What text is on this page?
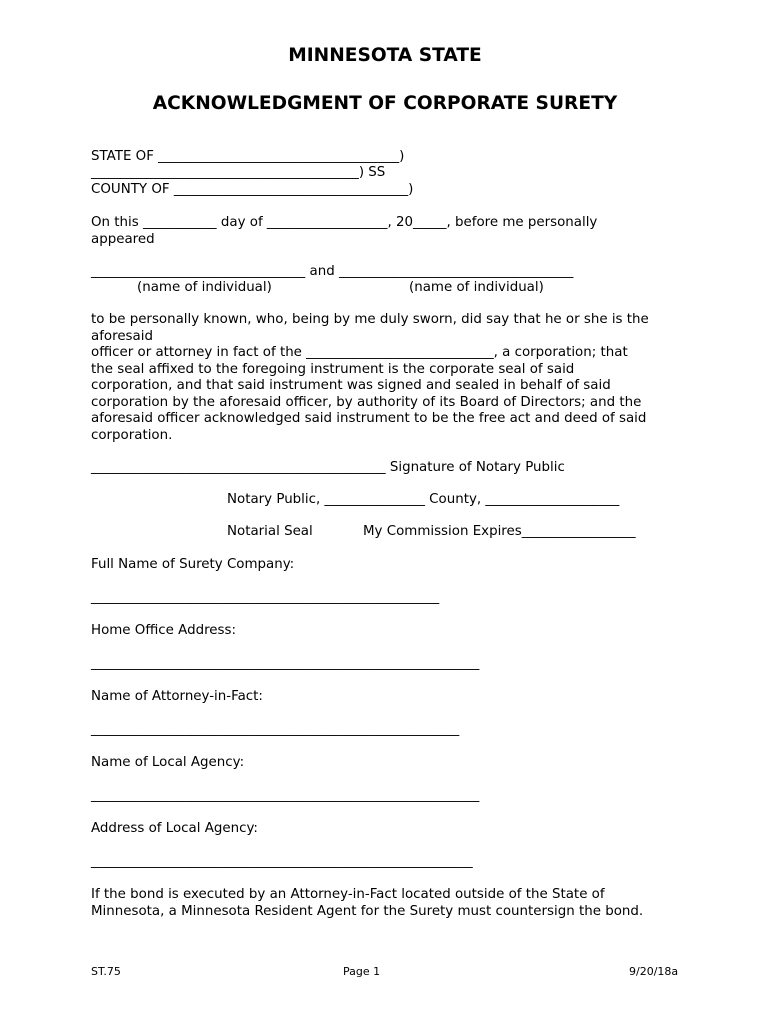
MINNESOTA STATE
ACKNOWLEDGMENT OF CORPORATE SURETY
STATE OF ____________________________________)
________________________________________) SS
COUNTY OF ___________________________________)
On this ___________ day of __________________, 20_____, before me personally
appeared
________________________________ and ___________________________________
(name of individual)	(name of individual)
to be personally known, who, being by me duly sworn, did say that he or she is the
aforesaid
officer or attorney in fact of the ____________________________, a corporation; that
the seal affixed to the foregoing instrument is the corporate seal of said
corporation, and that said instrument was signed and sealed in behalf of said
corporation by the aforesaid officer, by authority of its Board of Directors; and the
aforesaid officer acknowledged said instrument to be the free act and deed of said
corporation.
____________________________________________ Signature of Notary Public
Notary Public, _______________ County, ____________________
Notarial Seal	My Commission Expires_________________
Full Name of Surety Company:
____________________________________________________
Home Office Address:
__________________________________________________________
Name of Attorney-in-Fact:
_______________________________________________________
Name of Local Agency:
__________________________________________________________
Address of Local Agency:
_________________________________________________________
If the bond is executed by an Attorney-in-Fact located outside of the State of
Minnesota, a Minnesota Resident Agent for the Surety must countersign the bond.
ST.75	Page 1	9/20/18a
